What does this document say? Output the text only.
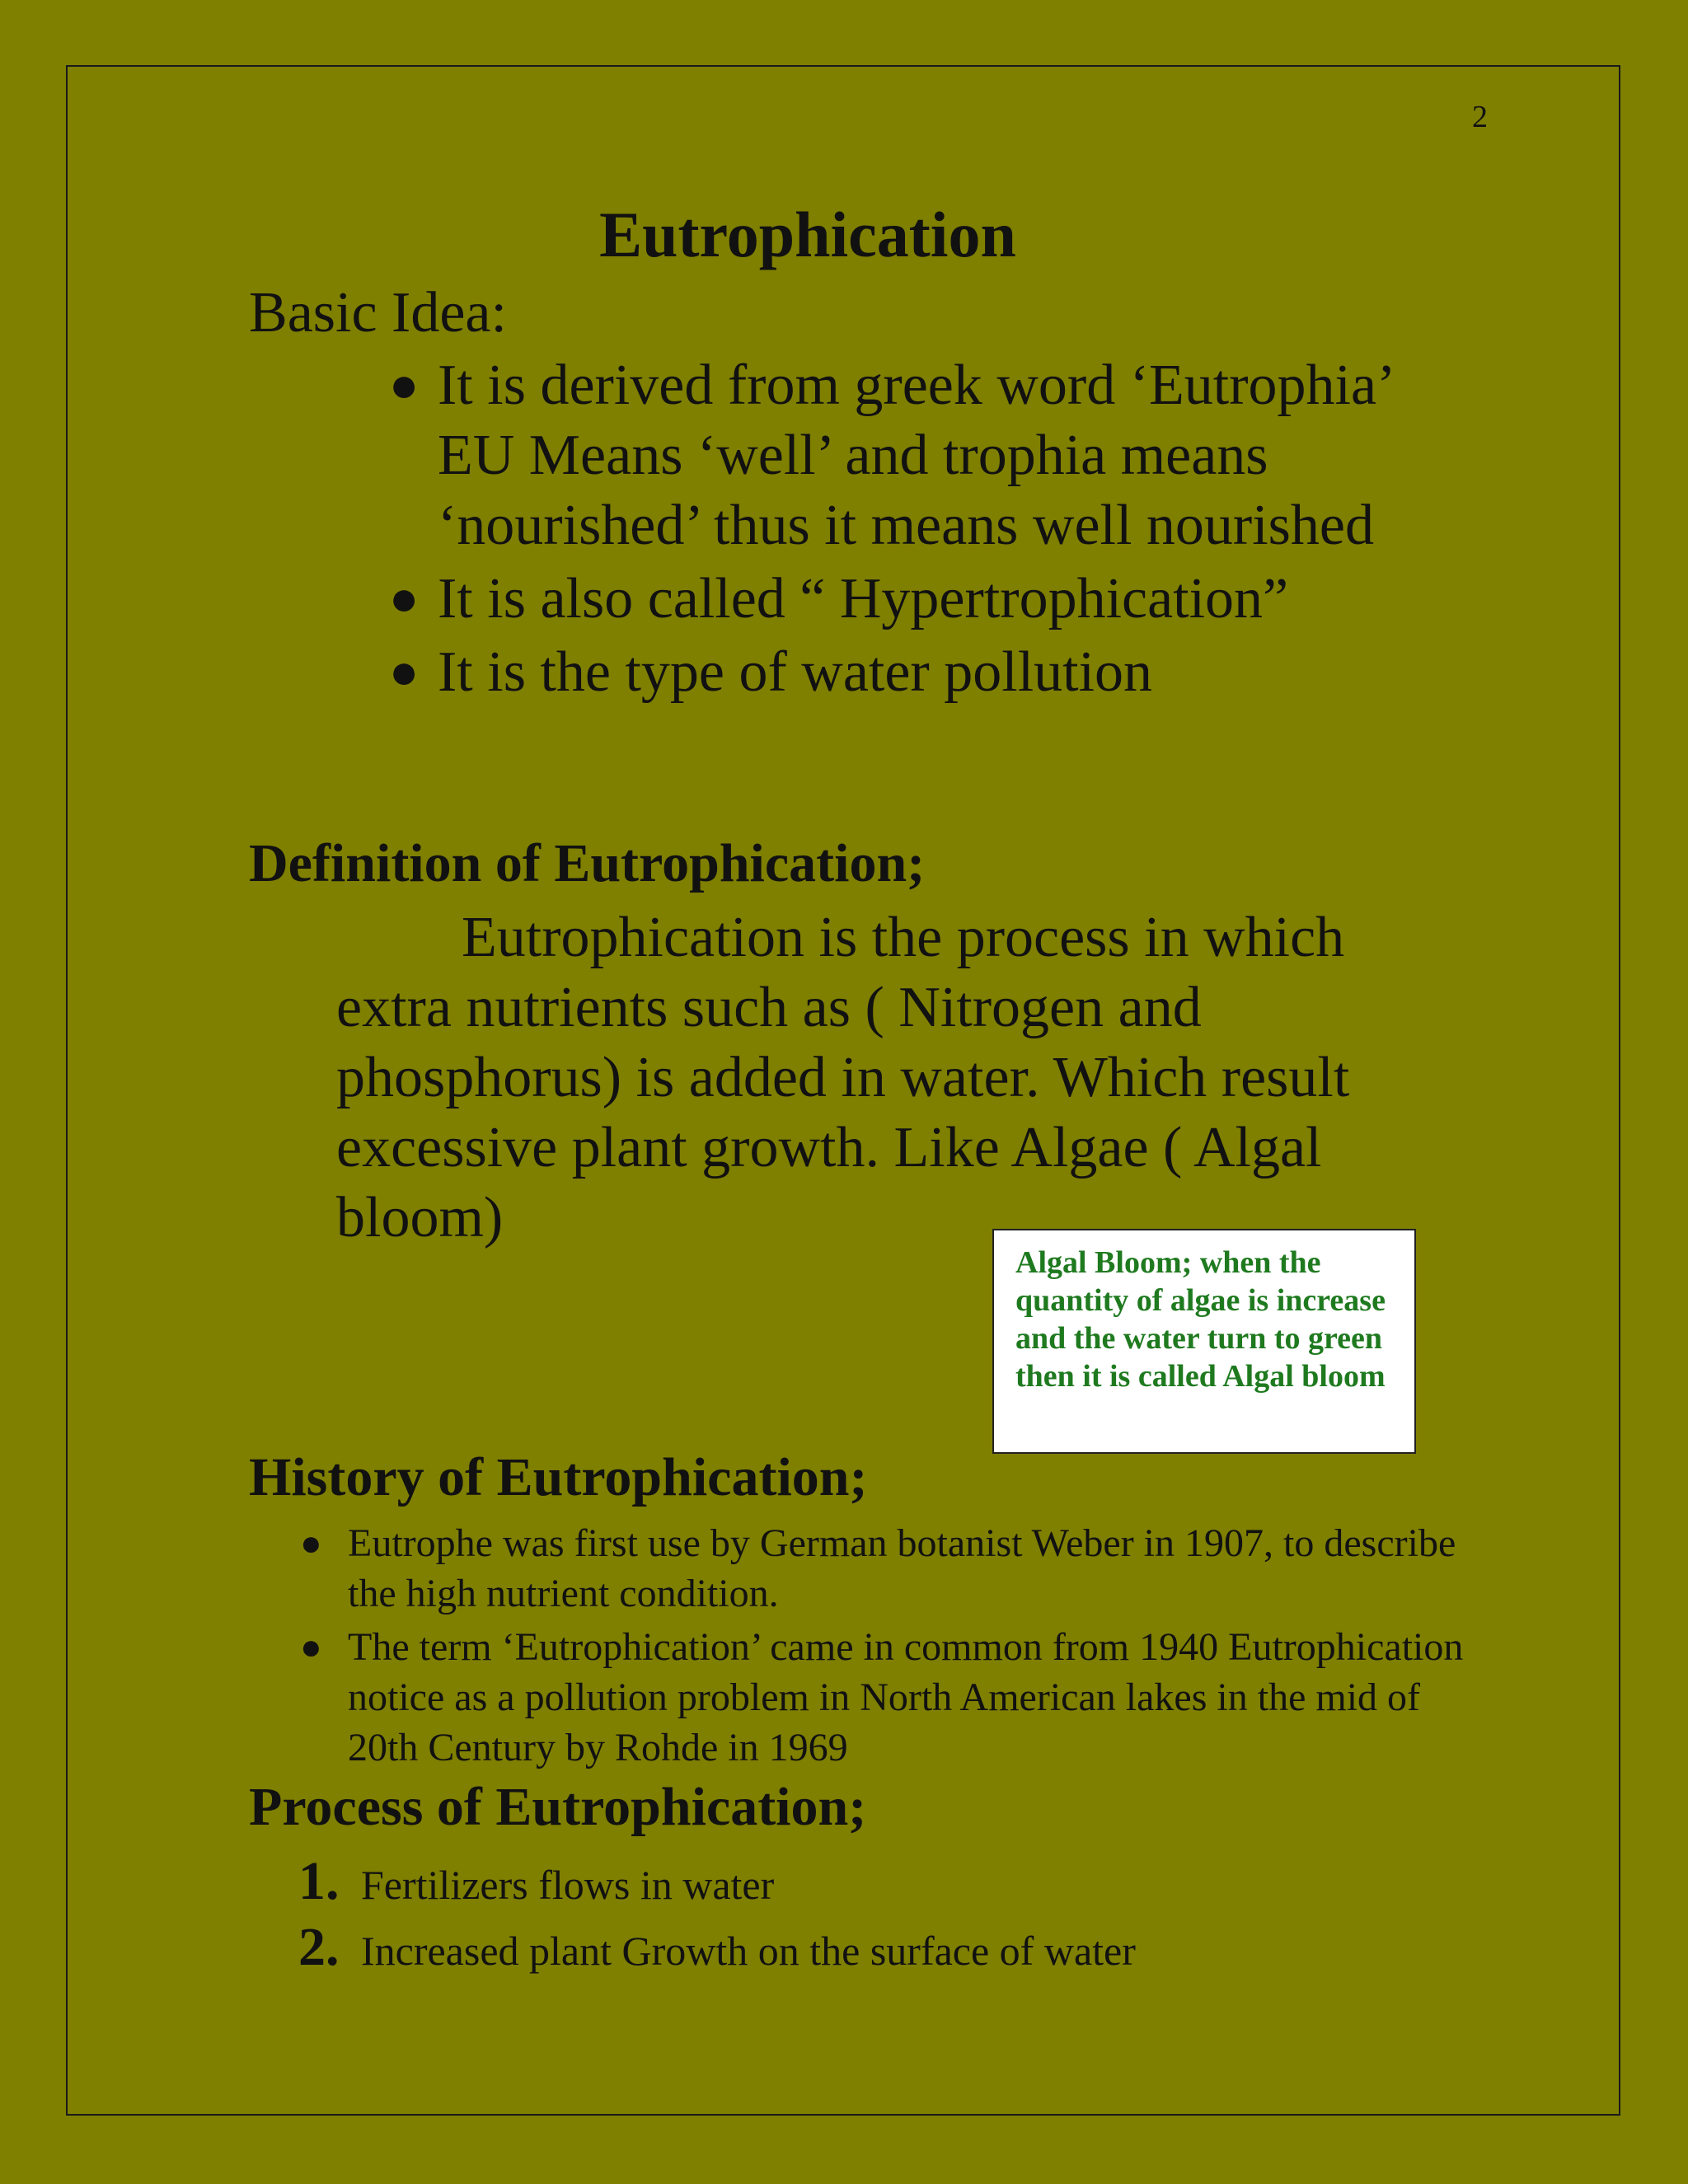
2
Eutrophication
Basic Idea:
● It is derived from greek word ‘Eutrophia’ EU Means ‘well’ and trophia means ‘nourished’ thus it means well nourished
● It is also called “ Hypertrophication”
● It is the type of water pollution
Definition of Eutrophication;

Eutrophication is the process in which extra nutrients such as ( Nitrogen and phosphorus) is added in water. Which result excessive plant growth. Like Algae ( Algal bloom)

Algal Bloom; when the quantity of algae is increase and the water turn to green then it is called Algal bloom
History of Eutrophication;
● Eutrophe was first use by German botanist Weber in 1907, to describe the high nutrient condition.
● The term ‘Eutrophication’ came in common from 1940 Eutrophication notice as a pollution problem in North American lakes in the mid of 20th Century by Rohde in 1969
Process of Eutrophication;
1. Fertilizers flows in water
2. Increased plant Growth on the surface of water
